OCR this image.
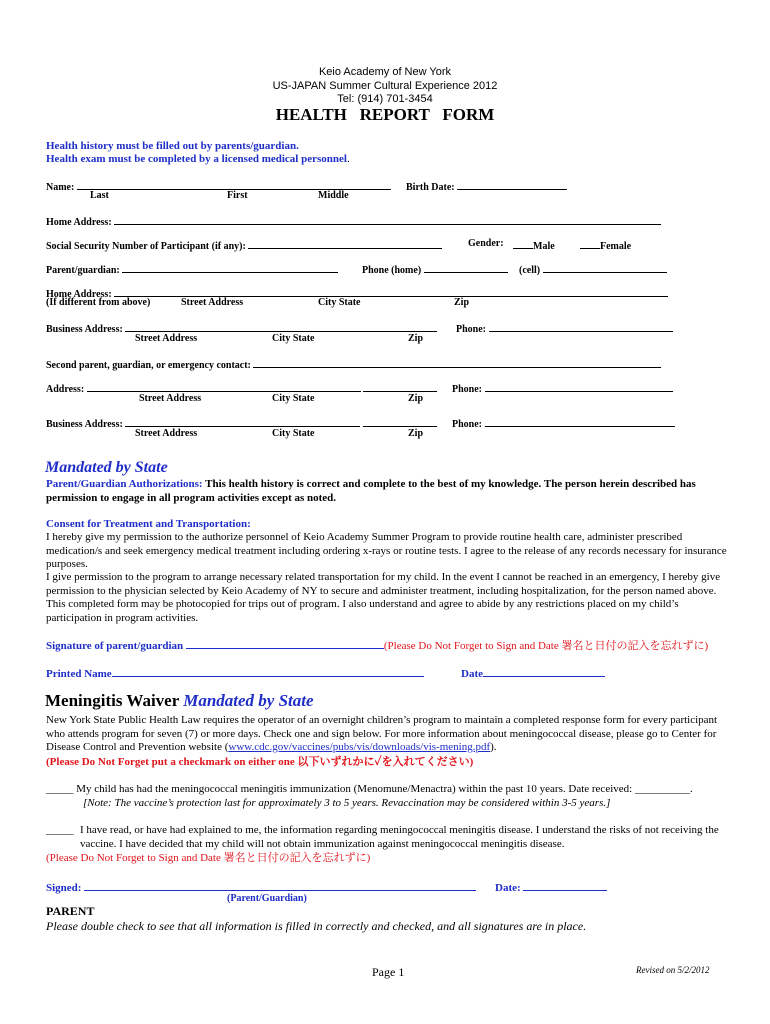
Keio Academy of New York
US-JAPAN Summer Cultural Experience 2012
Tel: (914) 701-3454
HEALTH   REPORT   FORM
Health history must be filled out by parents/guardian.
Health exam must be completed by a licensed medical personnel.
Name:
Last	First	Middle
Birth Date:
Home Address:
Social Security Number of Participant (if any):	Gender:	Male	Female
Parent/guardian:	Phone (home)	(cell)
Home Address:
(If different from above)	Street Address	City State	Zip
Business Address:	Phone:
Street Address	City State	Zip
Second parent, guardian, or emergency contact:
Address:	Phone:
Street Address	City State	Zip
Business Address:	Phone:
Street Address	City State	Zip
Mandated by State
Parent/Guardian Authorizations: This health history is correct and complete to the best of my knowledge. The person herein described has permission to engage in all program activities except as noted.
Consent for Treatment and Transportation:
I hereby give my permission to the authorize personnel of Keio Academy Summer Program to provide routine health care, administer prescribed medication/s and seek emergency medical treatment including ordering x-rays or routine tests. I agree to the release of any records necessary for insurance purposes.
I give permission to the program to arrange necessary related transportation for my child. In the event I cannot be reached in an emergency, I hereby give permission to the physician selected by Keio Academy of NY to secure and administer treatment, including hospitalization, for the person named above. This completed form may be photocopied for trips out of program. I also understand and agree to abide by any restrictions placed on my child’s participation in program activities.
Signature of parent/guardian	(Please Do Not Forget to Sign and Date 署名と日付の記入を忘れずに)
Printed Name	Date
Meningitis Waiver Mandated by State
New York State Public Health Law requires the operator of an overnight children’s program to maintain a completed response form for every participant who attends program for seven (7) or more days. Check one and sign below. For more information about meningococcal disease, please go to Center for Disease Control and Prevention website (www.cdc.gov/vaccines/pubs/vis/downloads/vis-mening.pdf).
(Please Do Not Forget put a checkmark on either one 以下いずれかに✓を入れてください)
_____ My child has had the meningococcal meningitis immunization (Menomune/Menactra) within the past 10 years. Date received: __________.
[Note: The vaccine’s protection last for approximately 3 to 5 years. Revaccination may be considered within 3-5 years.]
_____ I have read, or have had explained to me, the information regarding meningococcal meningitis disease. I understand the risks of not receiving the vaccine. I have decided that my child will not obtain immunization against meningococcal meningitis disease.
(Please Do Not Forget to Sign and Date 署名と日付の記入を忘れずに)
Signed:	Date:
(Parent/Guardian)
PARENT
Please double check to see that all information is filled in correctly and checked, and all signatures are in place.
Page 1	Revised on 5/2/2012
